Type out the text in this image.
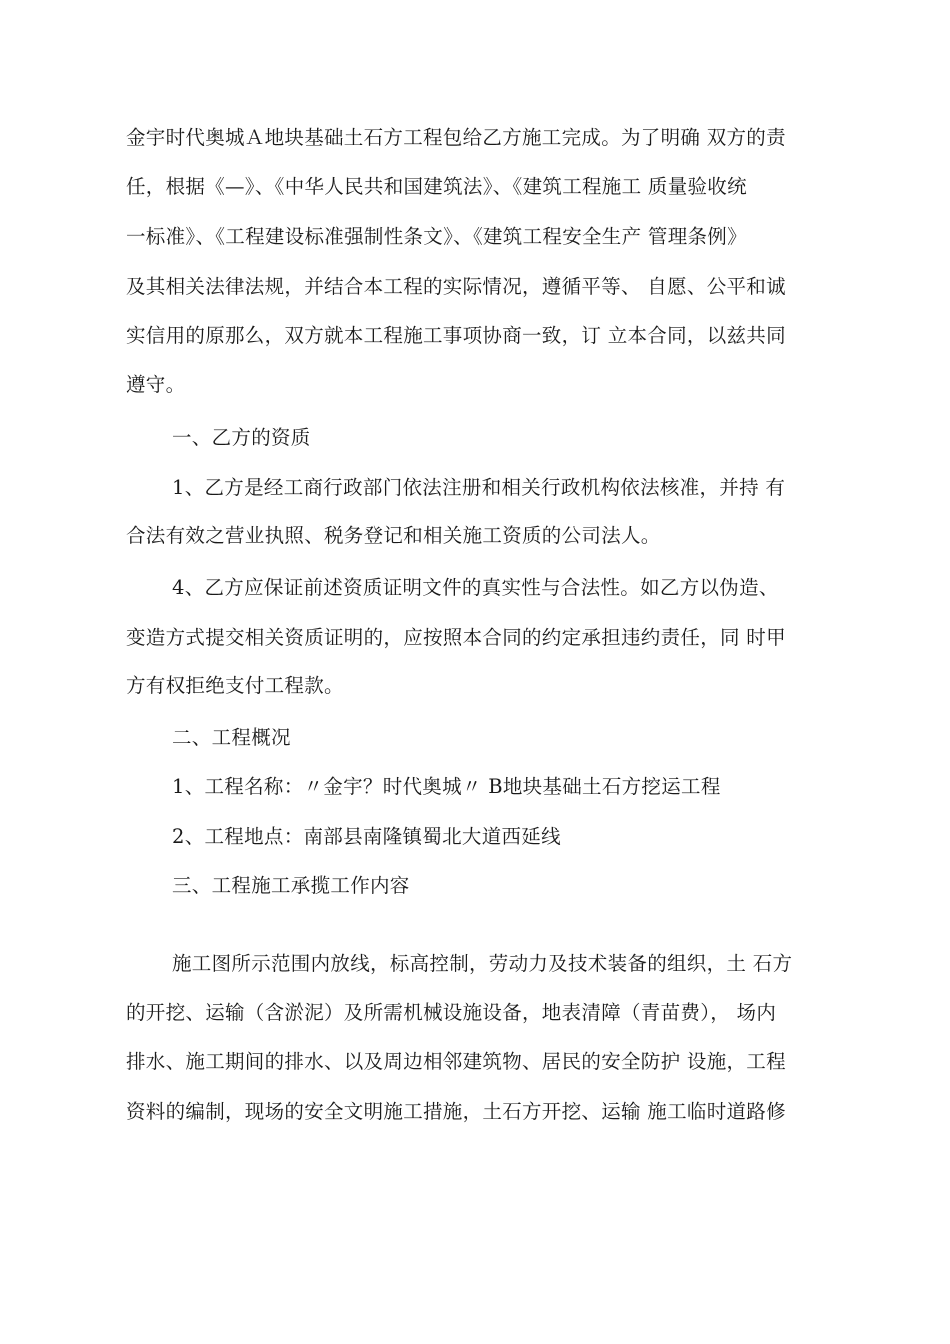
金宇时代奥城Ａ地块基础土石方工程包给乙方施工完成。为了明确 双方的责
任，根据《—》、《中华人民共和国建筑法》、《建筑工程施工 质量验收统
一标准》、《工程建设标准强制性条文》、《建筑工程安全生产 管理条例》
及其相关法律法规，并结合本工程的实际情况，遵循平等、 自愿、公平和诚
实信用的原那么，双方就本工程施工事项协商一致，订 立本合同，以兹共同
遵守。
一、乙方的资质
1、乙方是经工商行政部门依法注册和相关行政机构依法核准，并持 有
合法有效之营业执照、税务登记和相关施工资质的公司法人。
4、乙方应保证前述资质证明文件的真实性与合法性。如乙方以伪造、
变造方式提交相关资质证明的，应按照本合同的约定承担违约责任，同 时甲
方有权拒绝支付工程款。
二、工程概况
1、工程名称：〃金宇？时代奥城〃 B地块基础土石方挖运工程
2、工程地点：南部县南隆镇蜀北大道西延线
三、工程施工承揽工作内容
施工图所示范围内放线，标高控制，劳动力及技术装备的组织，土 石方
的开挖、运输（含淤泥）及所需机械设施设备，地表清障（青苗费）， 场内
排水、施工期间的排水、以及周边相邻建筑物、居民的安全防护 设施，工程
资料的编制，现场的安全文明施工措施，土石方开挖、运输 施工临时道路修
